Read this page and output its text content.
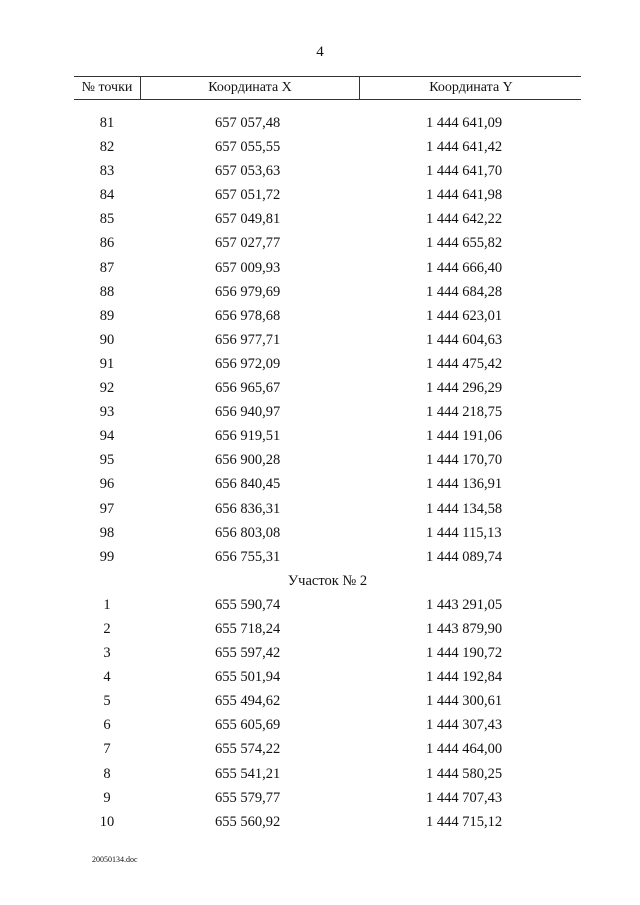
4
№ точки	Координата X	Координата Y
81	657 057,48	1 444 641,09
82	657 055,55	1 444 641,42
83	657 053,63	1 444 641,70
84	657 051,72	1 444 641,98
85	657 049,81	1 444 642,22
86	657 027,77	1 444 655,82
87	657 009,93	1 444 666,40
88	656 979,69	1 444 684,28
89	656 978,68	1 444 623,01
90	656 977,71	1 444 604,63
91	656 972,09	1 444 475,42
92	656 965,67	1 444 296,29
93	656 940,97	1 444 218,75
94	656 919,51	1 444 191,06
95	656 900,28	1 444 170,70
96	656 840,45	1 444 136,91
97	656 836,31	1 444 134,58
98	656 803,08	1 444 115,13
99	656 755,31	1 444 089,74
Участок № 2
1	655 590,74	1 443 291,05
2	655 718,24	1 443 879,90
3	655 597,42	1 444 190,72
4	655 501,94	1 444 192,84
5	655 494,62	1 444 300,61
6	655 605,69	1 444 307,43
7	655 574,22	1 444 464,00
8	655 541,21	1 444 580,25
9	655 579,77	1 444 707,43
10	655 560,92	1 444 715,12
20050134.doc
